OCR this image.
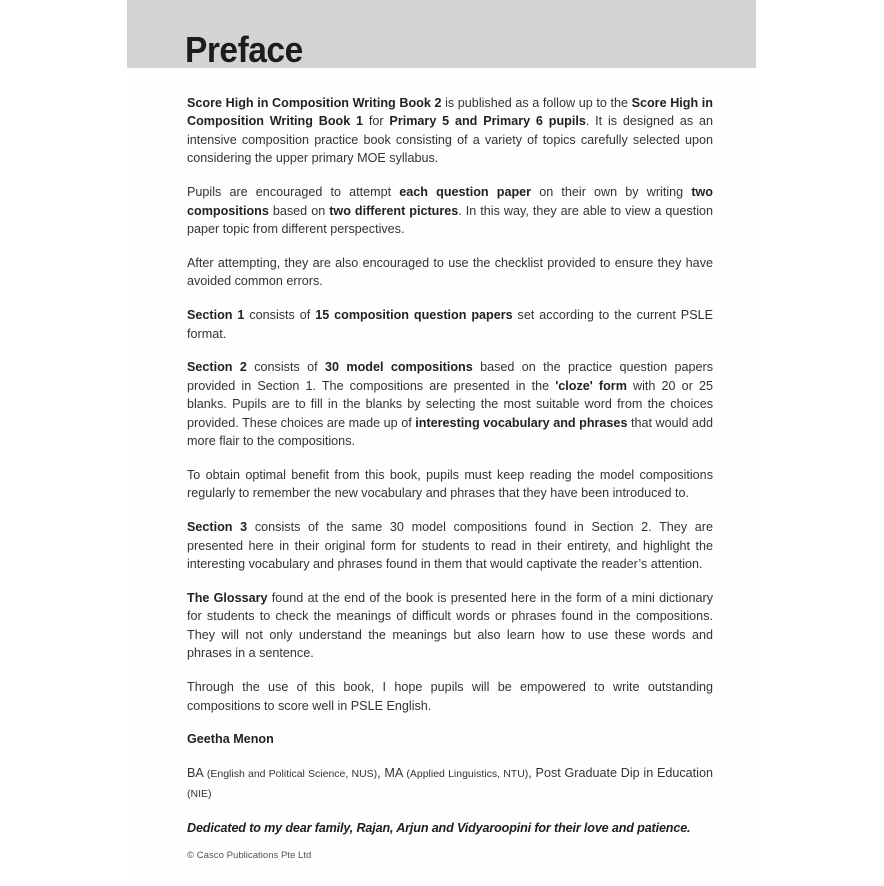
Preface

Score High in Composition Writing Book 2 is published as a follow up to the Score High in Composition Writing Book 1 for Primary 5 and Primary 6 pupils. It is designed as an intensive composition practice book consisting of a variety of topics carefully selected upon considering the upper primary MOE syllabus.

Pupils are encouraged to attempt each question paper on their own by writing two compositions based on two different pictures. In this way, they are able to view a question paper topic from different perspectives.

After attempting, they are also encouraged to use the checklist provided to ensure they have avoided common errors.

Section 1 consists of 15 composition question papers set according to the current PSLE format.

Section 2 consists of 30 model compositions based on the practice question papers provided in Section 1. The compositions are presented in the 'cloze' form with 20 or 25 blanks. Pupils are to fill in the blanks by selecting the most suitable word from the choices provided. These choices are made up of interesting vocabulary and phrases that would add more flair to the compositions.

To obtain optimal benefit from this book, pupils must keep reading the model compositions regularly to remember the new vocabulary and phrases that they have been introduced to.

Section 3 consists of the same 30 model compositions found in Section 2. They are presented here in their original form for students to read in their entirety, and highlight the interesting vocabulary and phrases found in them that would captivate the reader’s attention.

The Glossary found at the end of the book is presented here in the form of a mini dictionary for students to check the meanings of difficult words or phrases found in the compositions. They will not only understand the meanings but also learn how to use these words and phrases in a sentence.

Through the use of this book, I hope pupils will be empowered to write outstanding compositions to score well in PSLE English.

Geetha Menon

BA (English and Political Science, NUS), MA (Applied Linguistics, NTU), Post Graduate Dip in Education (NIE)

Dedicated to my dear family, Rajan, Arjun and Vidyaroopini for their love and patience.

© Casco Publications Pte Ltd
